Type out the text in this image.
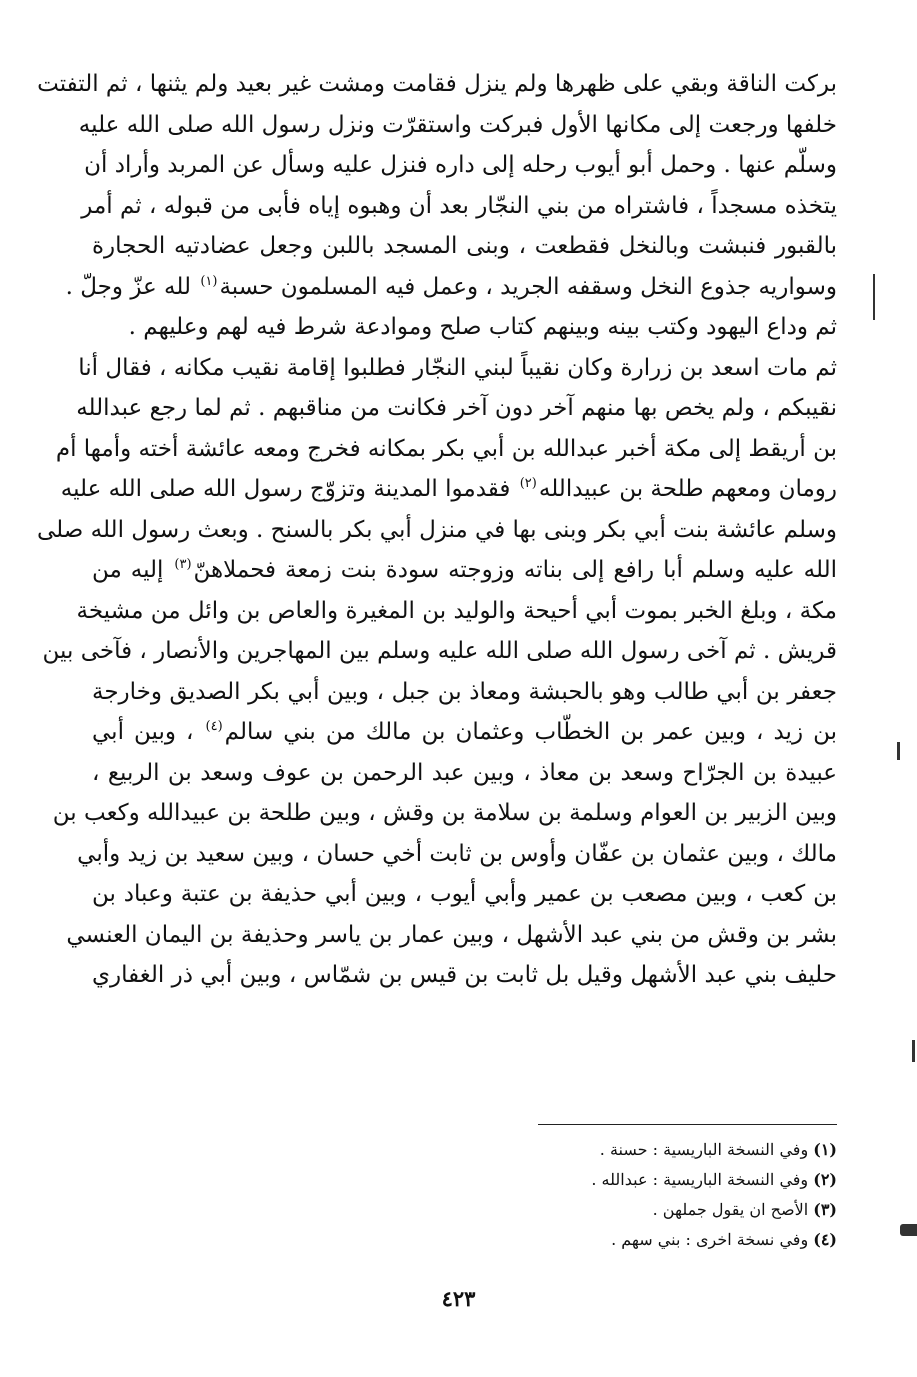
بركت الناقة وبقي على ظهرها ولم ينزل فقامت ومشت غير بعيد ولم يثنها ، ثم التفتت
خلفها ورجعت إلى مكانها الأول فبركت واستقرّت ونزل رسول الله صلى الله عليه
وسلّم عنها . وحمل أبو أيوب رحله إلى داره فنزل عليه وسأل عن المربد وأراد أن
يتخذه مسجداً ، فاشتراه من بني النجّار بعد أن وهبوه إياه فأبى من قبوله ، ثم أمر
بالقبور فنبشت وبالنخل فقطعت ، وبنى المسجد باللبن وجعل عضادتيه الحجارة
وسواريه جذوع النخل وسقفه الجريد ، وعمل فيه المسلمون حسبة$^{(١)}$ لله عزّ وجلّ .
ثم وداع اليهود وكتب بينه وبينهم كتاب صلح وموادعة شرط فيه لهم وعليهم .
ثم مات اسعد بن زرارة وكان نقيباً لبني النجّار فطلبوا إقامة نقيب مكانه ، فقال أنا
نقيبكم ، ولم يخص بها منهم آخر دون آخر فكانت من مناقبهم . ثم لما رجع عبدالله
بن أريقط إلى مكة أخبر عبدالله بن أبي بكر بمكانه فخرج ومعه عائشة أخته وأمها أم
رومان ومعهم طلحة بن عبيدالله$^{(٢)}$ فقدموا المدينة وتزوّج رسول الله صلى الله عليه
وسلم عائشة بنت أبي بكر وبنى بها في منزل أبي بكر بالسنح . وبعث رسول الله صلى
الله عليه وسلم أبا رافع إلى بناته وزوجته سودة بنت زمعة فحملاهنّ$^{(٣)}$ إليه من
مكة ، وبلغ الخبر بموت أبي أحيحة والوليد بن المغيرة والعاص بن وائل من مشيخة
قريش . ثم آخى رسول الله صلى الله عليه وسلم بين المهاجرين والأنصار ، فآخى بين
جعفر بن أبي طالب وهو بالحبشة ومعاذ بن جبل ، وبين أبي بكر الصديق وخارجة
بن زيد ، وبين عمر بن الخطّاب وعثمان بن مالك من بني سالم$^{(٤)}$ ، وبين أبي
عبيدة بن الجرّاح وسعد بن معاذ ، وبين عبد الرحمن بن عوف وسعد بن الربيع ،
وبين الزبير بن العوام وسلمة بن سلامة بن وقش ، وبين طلحة بن عبيدالله وكعب بن
مالك ، وبين عثمان بن عفّان وأوس بن ثابت أخي حسان ، وبين سعيد بن زيد وأبي
بن كعب ، وبين مصعب بن عمير وأبي أيوب ، وبين أبي حذيفة بن عتبة وعباد بن
بشر بن وقش من بني عبد الأشهل ، وبين عمار بن ياسر وحذيفة بن اليمان العنسي
حليف بني عبد الأشهل وقيل بل ثابت بن قيس بن شمّاس ، وبين أبي ذر الغفاري
(١) وفي النسخة الباريسية : حسنة .
(٢) وفي النسخة الباريسية : عبدالله .
(٣) الأصح ان يقول جملهن .
(٤) وفي نسخة اخرى : بني سهم .
٤٢٣
